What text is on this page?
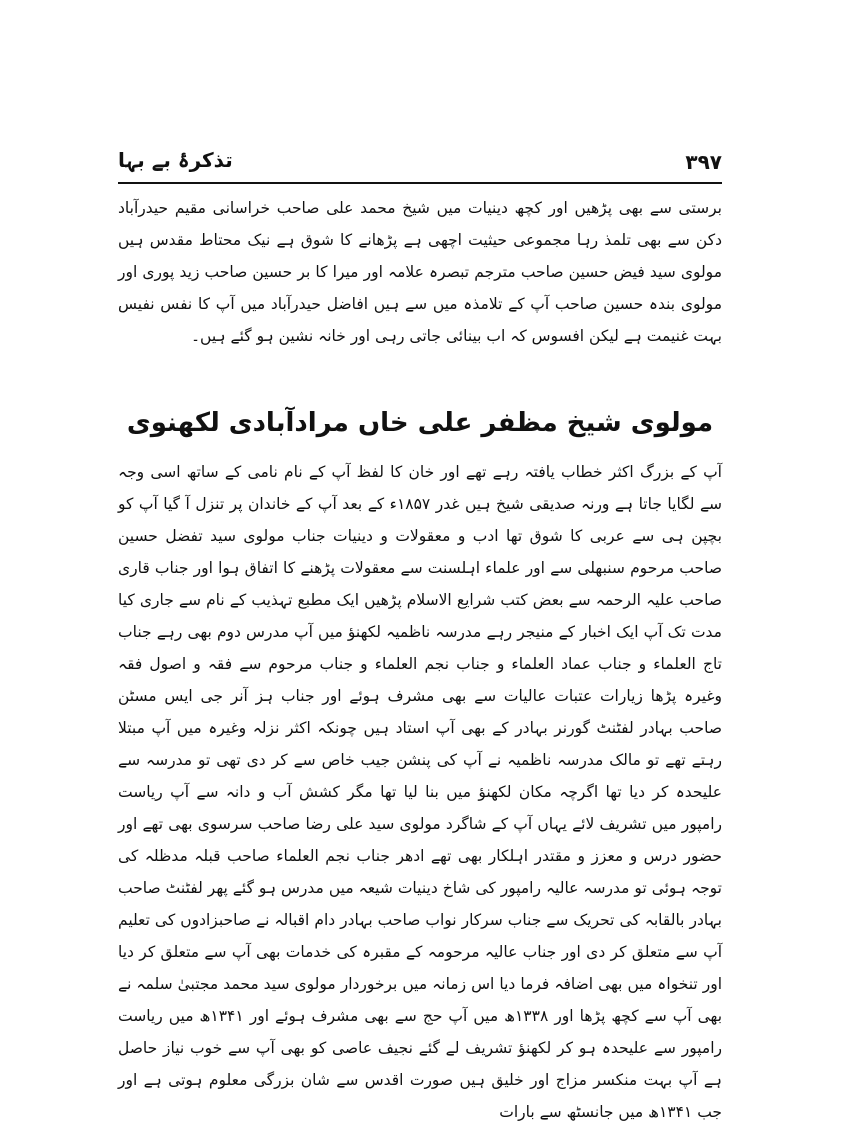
۳۹۷
تذکرۂ بے بہا

برستی سے بھی پڑھیں اور کچھ دینیات میں شیخ محمد علی صاحب خراسانی مقیم حیدرآباد دکن سے بھی تلمذ رہا مجموعی حیثیت اچھی ہے پڑھانے کا شوق ہے نیک محتاط مقدس ہیں مولوی سید فیض حسین صاحب مترجم تبصرہ علامہ اور میرا کا بر حسین صاحب زید پوری اور مولوی بندہ حسین صاحب آپ کے تلامذہ میں سے ہیں افاضل حیدرآباد میں آپ کا نفس نفیس بہت غنیمت ہے لیکن افسوس کہ اب بینائی جاتی رہی اور خانہ نشین ہو گئے ہیں۔

مولوی شیخ مظفر علی خاں مرادآبادی لکھنوی

آپ کے بزرگ اکثر خطاب یافتہ رہے تھے اور خان کا لفظ آپ کے نام نامی کے ساتھ اسی وجہ سے لگایا جاتا ہے ورنہ صدیقی شیخ ہیں غدر ۱۸۵۷ء کے بعد آپ کے خاندان پر تنزل آ گیا آپ کو بچپن ہی سے عربی کا شوق تھا ادب و معقولات و دینیات جناب مولوی سید تفضل حسین صاحب مرحوم سنبھلی سے اور علماء اہلسنت سے معقولات پڑھنے کا اتفاق ہوا اور جناب قاری صاحب علیہ الرحمہ سے بعض کتب شرایع الاسلام پڑھیں ایک مطبع تہذیب کے نام سے جاری کیا مدت تک آپ ایک اخبار کے منیجر رہے مدرسہ ناظمیہ لکھنؤ میں آپ مدرس دوم بھی رہے جناب تاج العلماء و جناب عماد العلماء و جناب نجم العلماء و جناب مرحوم سے فقہ و اصول فقہ وغیرہ پڑھا زیارات عتبات عالیات سے بھی مشرف ہوئے اور جناب ہز آنر جی ایس مسٹن صاحب بہادر لفٹنٹ گورنر بہادر کے بھی آپ استاد ہیں چونکہ اکثر نزلہ وغیرہ میں آپ مبتلا رہتے تھے تو مالک مدرسہ ناظمیہ نے آپ کی پنشن جیب خاص سے کر دی تھی تو مدرسہ سے علیحدہ کر دیا تھا اگرچہ مکان لکھنؤ میں بنا لیا تھا مگر کشش آب و دانہ سے آپ ریاست رامپور میں تشریف لائے یہاں آپ کے شاگرد مولوی سید علی رضا صاحب سرسوی بھی تھے اور حضور درس و معزز و مقتدر اہلکار بھی تھے ادھر جناب نجم العلماء صاحب قبلہ مدظلہ کی توجہ ہوئی تو مدرسہ عالیہ رامپور کی شاخ دینیات شیعہ میں مدرس ہو گئے پھر لفٹنٹ صاحب بہادر بالقابہ کی تحریک سے جناب سرکار نواب صاحب بہادر دام اقبالہ نے صاحبزادوں کی تعلیم آپ سے متعلق کر دی اور جناب عالیہ مرحومہ کے مقبرہ کی خدمات بھی آپ سے متعلق کر دیا اور تنخواہ میں بھی اضافہ فرما دیا اس زمانہ میں برخوردار مولوی سید محمد مجتبیٰ سلمہ نے بھی آپ سے کچھ پڑھا اور ۱۳۳۸ھ میں آپ حج سے بھی مشرف ہوئے اور ۱۳۴۱ھ میں ریاست رامپور سے علیحدہ ہو کر لکھنؤ تشریف لے گئے نجیف عاصی کو بھی آپ سے خوب نیاز حاصل ہے آپ بہت منکسر مزاج اور خلیق ہیں صورت اقدس سے شان بزرگی معلوم ہوتی ہے اور جب ۱۳۴۱ھ میں جانسٹھ سے بارات
